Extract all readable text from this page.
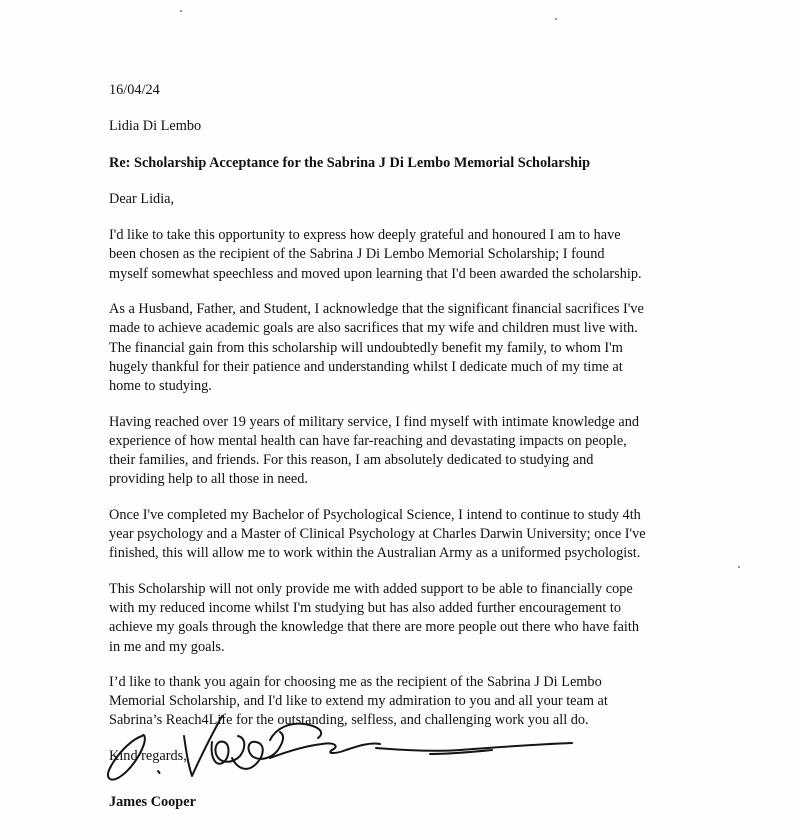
16/04/24
Lidia Di Lembo
Re: Scholarship Acceptance for the Sabrina J Di Lembo Memorial Scholarship
Dear Lidia,
I'd like to take this opportunity to express how deeply grateful and honoured I am to have
been chosen as the recipient of the Sabrina J Di Lembo Memorial Scholarship; I found
myself somewhat speechless and moved upon learning that I'd been awarded the scholarship.
As a Husband, Father, and Student, I acknowledge that the significant financial sacrifices I've
made to achieve academic goals are also sacrifices that my wife and children must live with.
The financial gain from this scholarship will undoubtedly benefit my family, to whom I'm
hugely thankful for their patience and understanding whilst I dedicate much of my time at
home to studying.
Having reached over 19 years of military service, I find myself with intimate knowledge and
experience of how mental health can have far-reaching and devastating impacts on people,
their families, and friends. For this reason, I am absolutely dedicated to studying and
providing help to all those in need.
Once I've completed my Bachelor of Psychological Science, I intend to continue to study 4th
year psychology and a Master of Clinical Psychology at Charles Darwin University; once I've
finished, this will allow me to work within the Australian Army as a uniformed psychologist.
This Scholarship will not only provide me with added support to be able to financially cope
with my reduced income whilst I'm studying but has also added further encouragement to
achieve my goals through the knowledge that there are more people out there who have faith
in me and my goals.
I’d like to thank you again for choosing me as the recipient of the Sabrina J Di Lembo
Memorial Scholarship, and I'd like to extend my admiration to you and all your team at
Sabrina’s Reach4Life for the outstanding, selfless, and challenging work you all do.
Kind regards,
James Cooper
